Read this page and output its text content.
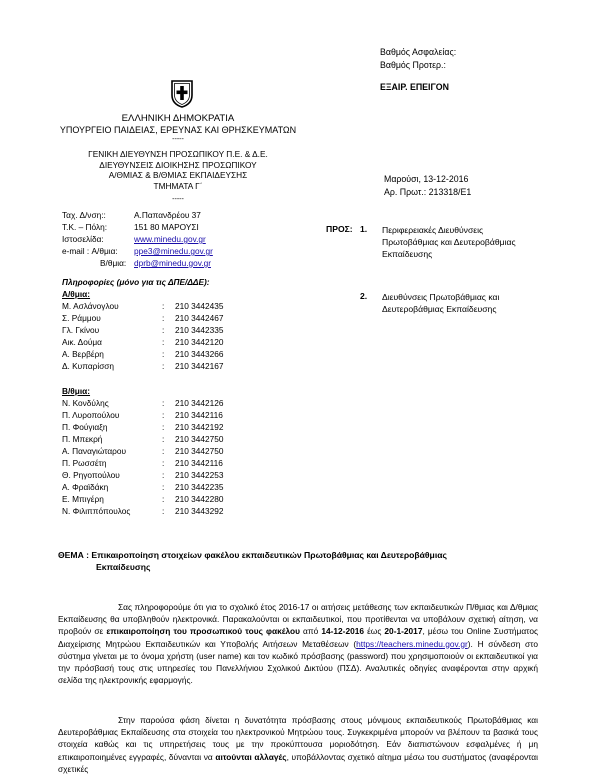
ΕΛΛΗΝΙΚΗ ΔΗΜΟΚΡΑΤΙΑ
ΥΠΟΥΡΓΕΙΟ ΠΑΙΔΕΙΑΣ, ΕΡΕΥΝΑΣ ΚΑΙ ΘΡΗΣΚΕΥΜΑΤΩΝ
-----
ΓΕΝΙΚΗ ΔΙΕΥΘΥΝΣΗ ΠΡΟΣΩΠΙΚΟΥ Π.Ε. & Δ.Ε.
ΔΙΕΥΘΥΝΣΕΙΣ ΔΙΟΙΚΗΣΗΣ ΠΡΟΣΩΠΙΚΟΥ
Α/ΘΜΙΑΣ & Β/ΘΜΙΑΣ ΕΚΠΑΙΔΕΥΣΗΣ
ΤΜΗΜΑΤΑ Γ΄
-----
Βαθμός Ασφαλείας:
Βαθμός Προτερ.:
ΕΞΑΙΡ. ΕΠΕΙΓΟΝ
Μαρούσι, 13-12-2016
Αρ. Πρωτ.: 213318/Ε1
Ταχ. Δ/νση::	Α.Παπανδρέου 37
Τ.Κ. – Πόλη:	151 80 ΜΑΡΟΥΣΙ
Ιστοσελίδα:	www.minedu.gov.gr
e-mail : Α/θμια: ppe3@minedu.gov.gr
Β/θμια: dprb@minedu.gov.gr
Πληροφορίες (μόνο για τις ΔΠΕ/ΔΔΕ):
Α/θμια:
Μ. Ασλάνογλου	: 210 3442435
Σ. Ράμμου	: 210 3442467
Γλ. Γκίνου	: 210 3442335
Αικ. Δούμα	: 210 3442120
Α. Βερβέρη	: 210 3443266
Δ. Κυπαρίσση	: 210 3442167
Β/θμια:
Ν. Κονδύλης	: 210 3442126
Π. Λυροπούλου	: 210 3442116
Π. Φούγιαξη	: 210 3442192
Π. Μπεκρή	: 210 3442750
Α. Παναγιώταρου	: 210 3442750
Π. Ρωσσέτη	: 210 3442116
Θ. Ρηγοπούλου	: 210 3442253
Α. Φραϊδάκη	: 210 3442235
Ε. Μπιγέρη	: 210 3442280
Ν. Φιλιππόπουλος	: 210 3443292
ΠΡΟΣ: 1. Περιφερειακές Διευθύνσεις
Πρωτοβάθμιας και Δευτεροβάθμιας
Εκπαίδευσης
2. Διευθύνσεις Πρωτοβάθμιας και
Δευτεροβάθμιας Εκπαίδευσης
ΘΕΜΑ : Επικαιροποίηση στοιχείων φακέλου εκπαιδευτικών Πρωτοβάθμιας και Δευτεροβάθμιας
Εκπαίδευσης
Σας πληροφορούμε ότι για το σχολικό έτος 2016-17 οι αιτήσεις μετάθεσης των εκπαιδευτικών Π/θμιας και Δ/θμιας Εκπαίδευσης θα υποβληθούν ηλεκτρονικά. Παρακαλούνται οι εκπαιδευτικοί, που προτίθενται να υποβάλουν σχετική αίτηση, να προβούν σε επικαιροποίηση του προσωπικού τους φακέλου από 14-12-2016 έως 20-1-2017, μέσω του Online Συστήματος Διαχείρισης Μητρώου Εκπαιδευτικών και Υποβολής Αιτήσεων Μεταθέσεων (https://teachers.minedu.gov.gr). Η σύνδεση στο σύστημα γίνεται με το όνομα χρήστη (user name) και τον κωδικό πρόσβασης (password) που χρησιμοποιούν οι εκπαιδευτικοί για την πρόσβασή τους στις υπηρεσίες του Πανελλήνιου Σχολικού Δικτύου (ΠΣΔ). Αναλυτικές οδηγίες αναφέρονται στην αρχική σελίδα της ηλεκτρονικής εφαρμογής.
Στην παρούσα φάση δίνεται η δυνατότητα πρόσβασης στους μόνιμους εκπαιδευτικούς Πρωτοβάθμιας και Δευτεροβάθμιας Εκπαίδευσης στα στοιχεία του ηλεκτρονικού Μητρώου τους. Συγκεκριμένα μπορούν να βλέπουν τα βασικά τους στοιχεία καθώς και τις υπηρετήσεις τους με την προκύπτουσα μοριοδότηση. Εάν διαπιστώνουν εσφαλμένες ή μη επικαιροποιημένες εγγραφές, δύνανται να αιτούνται αλλαγές, υποβάλλοντας σχετικό αίτημα μέσω του συστήματος (αναφέρονται σχετικές
